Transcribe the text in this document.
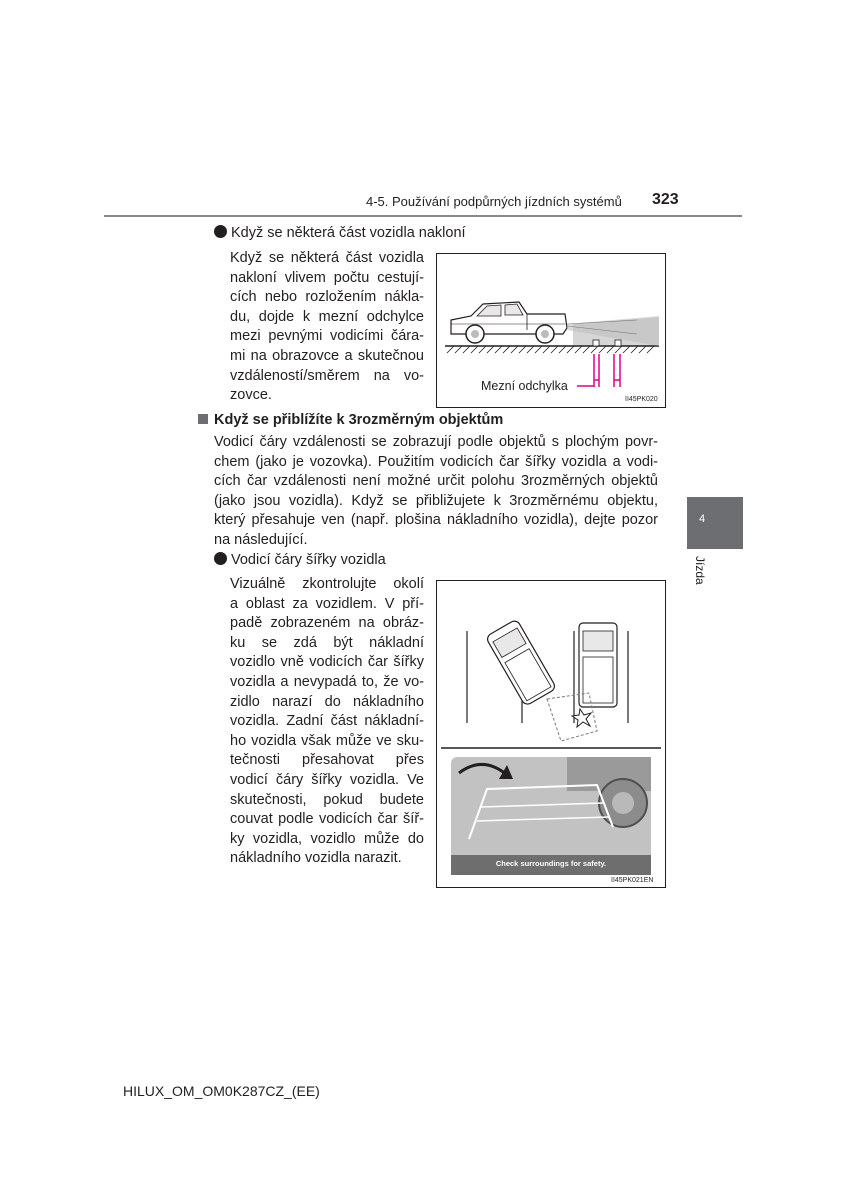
4-5. Používání podpůrných jízdních systémů 323
Když se některá část vozidla nakloní
Když se některá část vozidla
nakloní vlivem počtu cestují-
cích nebo rozložením nákla-
du, dojde k mezní odchylce
mezi pevnými vodicími čára-
mi na obrazovce a skutečnou
vzdáleností/směrem na vo-
zovce.
Mezní odchylka
II45PK020
Když se přiblížíte k 3rozměrným objektům
Vodicí čáry vzdálenosti se zobrazují podle objektů s plochým povr-
chem (jako je vozovka). Použitím vodicích čar šířky vozidla a vodi-
cích čar vzdálenosti není možné určit polohu 3rozměrných objektů
(jako jsou vozidla). Když se přibližujete k 3rozměrnému objektu,
který přesahuje ven (např. plošina nákladního vozidla), dejte pozor
na následující.
Vodicí čáry šířky vozidla
Vizuálně zkontrolujte okolí
a oblast za vozidlem. V pří-
padě zobrazeném na obráz-
ku se zdá být nákladní
vozidlo vně vodicích čar šířky
vozidla a nevypadá to, že vo-
zidlo narazí do nákladního
vozidla. Zadní část nákladní-
ho vozidla však může ve sku-
tečnosti přesahovat přes
vodicí čáry šířky vozidla. Ve
skutečnosti, pokud budete
couvat podle vodicích čar šíř-
ky vozidla, vozidlo může do
nákladního vozidla narazit.	Check surroundings for safety.
II45PK021EN
4
Jízda
HILUX_OM_OM0K287CZ_(EE)
